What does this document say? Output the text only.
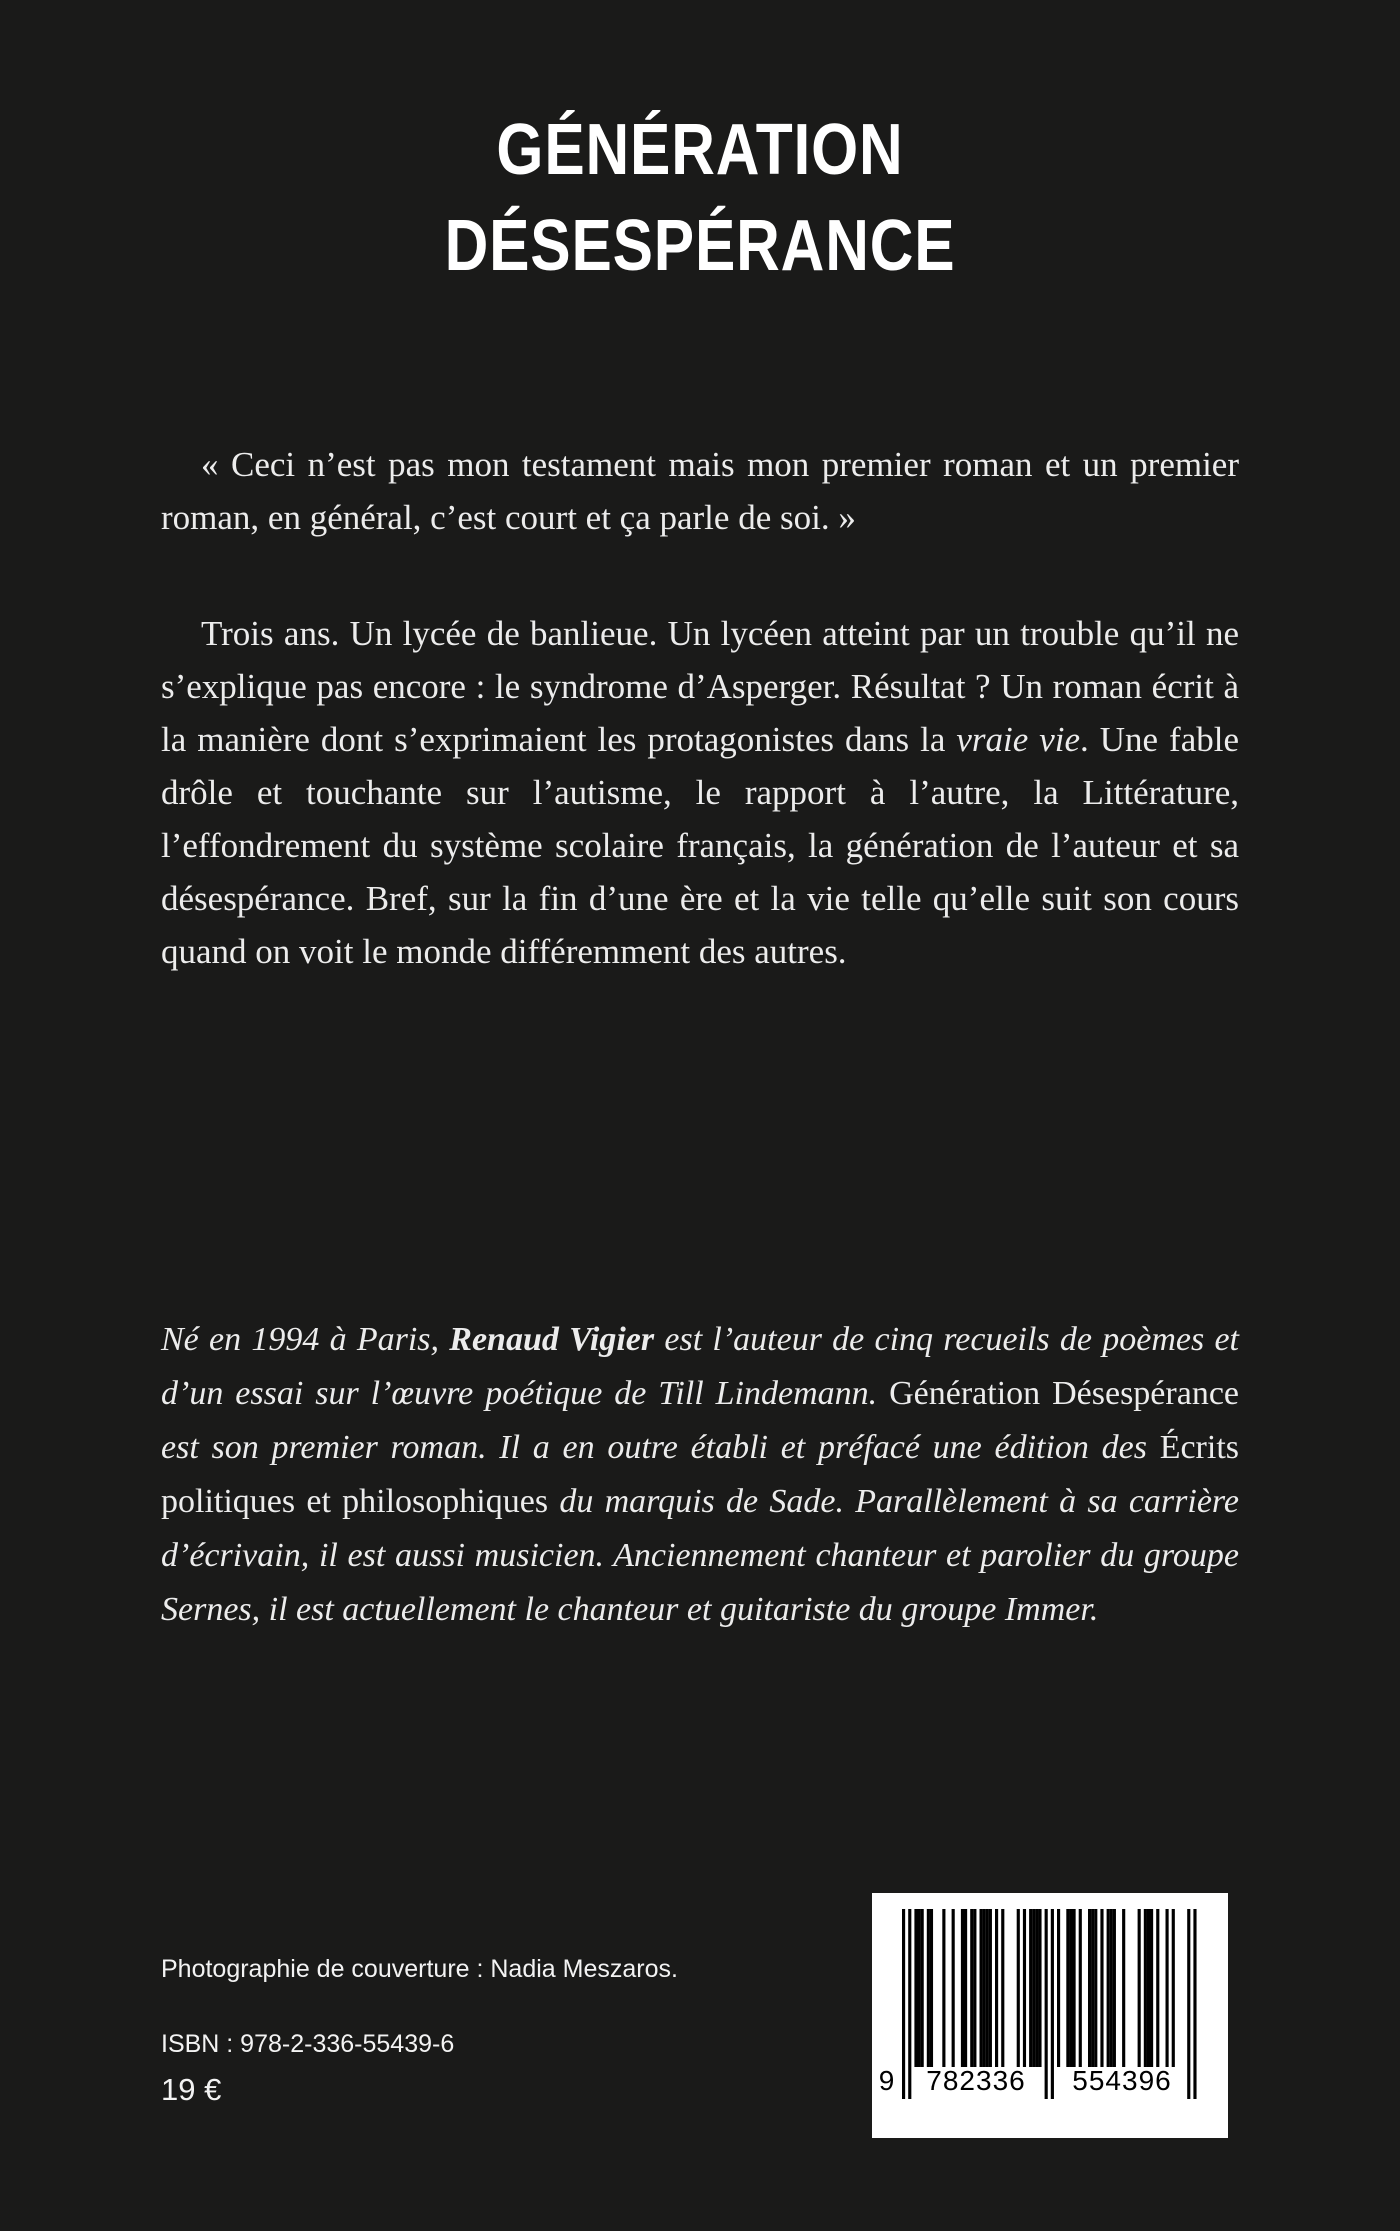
GÉNÉRATION
DÉSESPÉRANCE

« Ceci n’est pas mon testament mais mon premier roman et un premier roman, en général, c’est court et ça parle de soi. »

Trois ans. Un lycée de banlieue. Un lycéen atteint par un trouble qu’il ne s’explique pas encore : le syndrome d’Asperger. Résultat ? Un roman écrit à la manière dont s’exprimaient les protagonistes dans la vraie vie. Une fable drôle et touchante sur l’autisme, le rapport à l’autre, la Littérature, l’effondrement du système scolaire français, la génération de l’auteur et sa désespérance. Bref, sur la fin d’une ère et la vie telle qu’elle suit son cours quand on voit le monde différemment des autres.

Né en 1994 à Paris, Renaud Vigier est l’auteur de cinq recueils de poèmes et d’un essai sur l’œuvre poétique de Till Lindemann. Génération Désespérance est son premier roman. Il a en outre établi et préfacé une édition des Écrits politiques et philosophiques du marquis de Sade. Parallèlement à sa carrière d’écrivain, il est aussi musicien. Anciennement chanteur et parolier du groupe Sernes, il est actuellement le chanteur et guitariste du groupe Immer.

Photographie de couverture : Nadia Meszaros.
ISBN : 978-2-336-55439-6
19 €	9	782336	554396
